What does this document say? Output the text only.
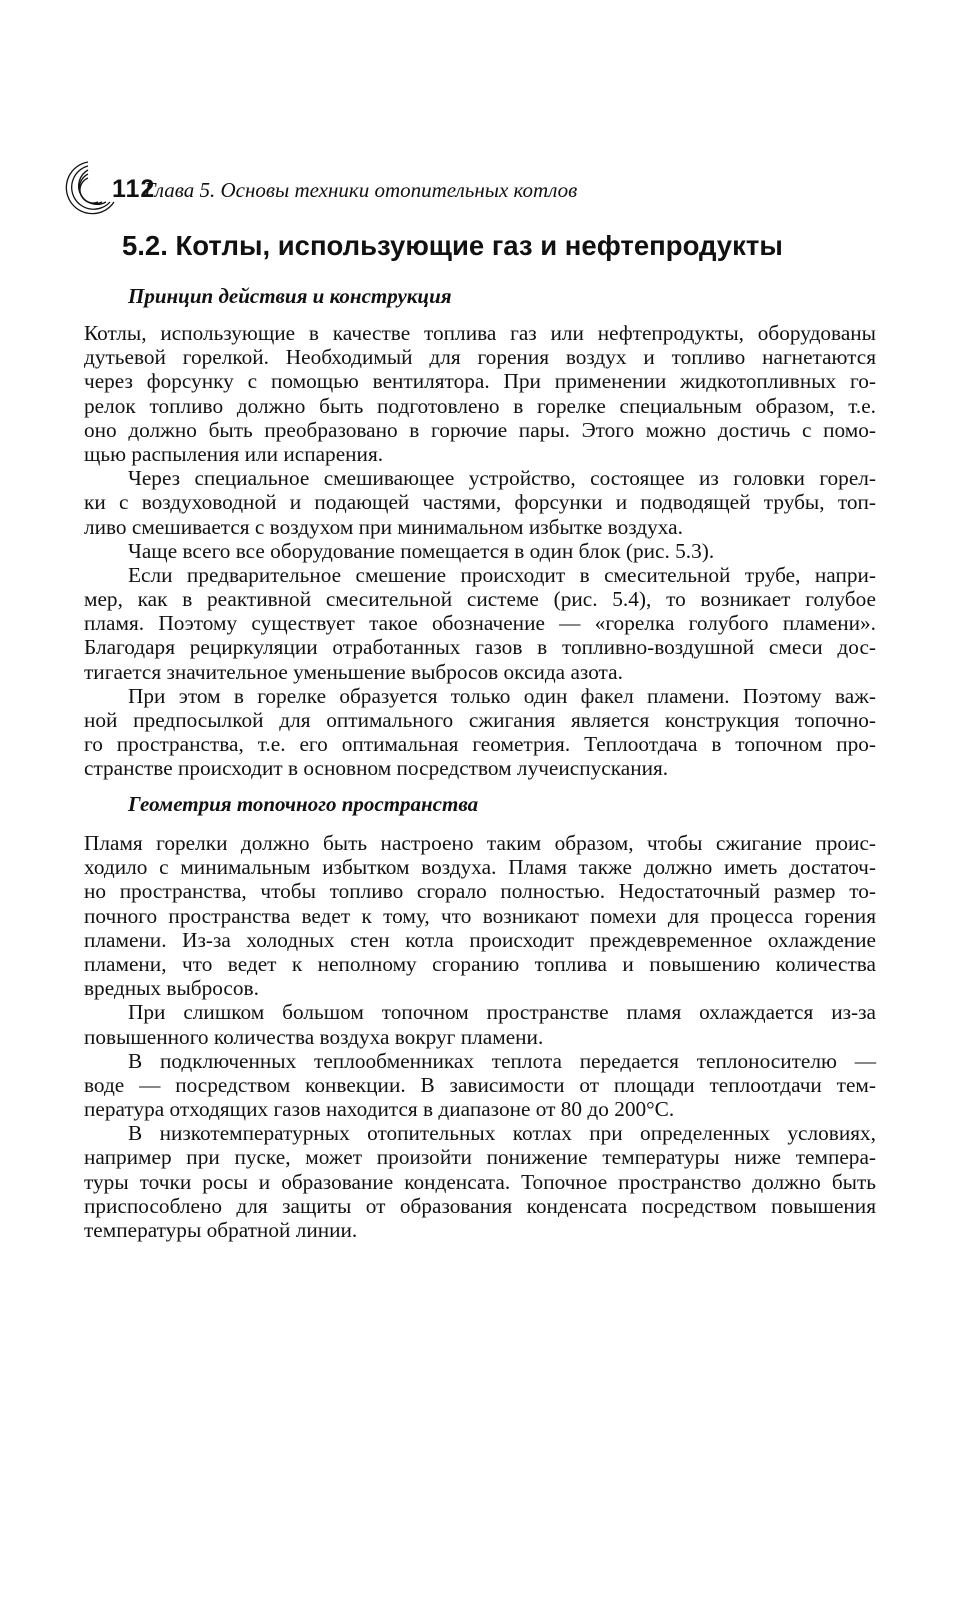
112
Глава 5. Основы техники отопительных котлов
5.2. Котлы, использующие газ и нефтепродукты
Принцип действия и конструкция

Котлы, использующие в качестве топлива газ или нефтепродукты, оборудованы
дутьевой горелкой. Необходимый для горения воздух и топливо нагнетаются
через форсунку с помощью вентилятора. При применении жидкотопливных го-
релок топливо должно быть подготовлено в горелке специальным образом, т.е.
оно должно быть преобразовано в горючие пары. Этого можно достичь с помо-
щью распыления или испарения.

Через специальное смешивающее устройство, состоящее из головки горел-
ки с воздуховодной и подающей частями, форсунки и подводящей трубы, топ-
ливо смешивается с воздухом при минимальном избытке воздуха.

Чаще всего все оборудование помещается в один блок (рис. 5.3).

Если предварительное смешение происходит в смесительной трубе, напри-
мер, как в реактивной смесительной системе (рис. 5.4), то возникает голубое
пламя. Поэтому существует такое обозначение — «горелка голубого пламени».
Благодаря рециркуляции отработанных газов в топливно-воздушной смеси дос-
тигается значительное уменьшение выбросов оксида азота.

При этом в горелке образуется только один факел пламени. Поэтому важ-
ной предпосылкой для оптимального сжигания является конструкция топочно-
го пространства, т.е. его оптимальная геометрия. Теплоотдача в топочном про-
странстве происходит в основном посредством лучеиспускания.

Геометрия топочного пространства

Пламя горелки должно быть настроено таким образом, чтобы сжигание проис-
ходило с минимальным избытком воздуха. Пламя также должно иметь достаточ-
но пространства, чтобы топливо сгорало полностью. Недостаточный размер то-
почного пространства ведет к тому, что возникают помехи для процесса горения
пламени. Из-за холодных стен котла происходит преждевременное охлаждение
пламени, что ведет к неполному сгоранию топлива и повышению количества
вредных выбросов.

При слишком большом топочном пространстве пламя охлаждается из-за
повышенного количества воздуха вокруг пламени.

В подключенных теплообменниках теплота передается теплоносителю —
воде — посредством конвекции. В зависимости от площади теплоотдачи тем-
пература отходящих газов находится в диапазоне от 80 до 200°С.

В низкотемпературных отопительных котлах при определенных условиях,
например при пуске, может произойти понижение температуры ниже темпера-
туры точки росы и образование конденсата. Топочное пространство должно быть
приспособлено для защиты от образования конденсата посредством повышения
температуры обратной линии.
